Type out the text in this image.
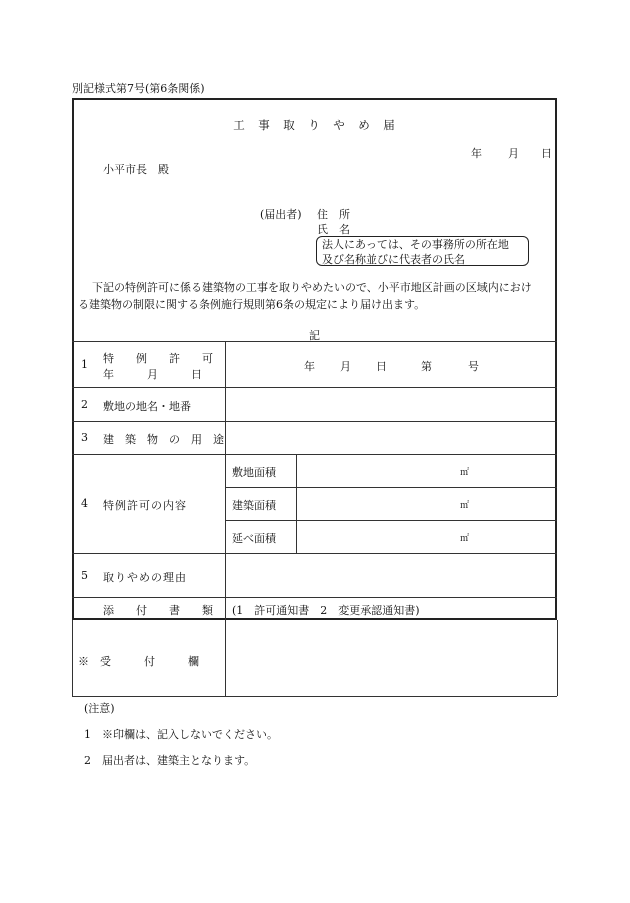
別記様式第7号(第6条関係)
工　事　取　り　や　め　届
年 月 日
小平市長　殿
(届出者) 住　所
氏　名
法人にあっては、その事務所の所在地
及び名称並びに代表者の氏名
下記の特例許可に係る建築物の工事を取りやめたいので、小平市地区計画の区域内におけ
る建築物の制限に関する条例施行規則第6条の規定により届け出ます。
記
1 特　　例　　許　　可
年　　　月　　　日
年 月 日	第	号
2 敷地の地名・地番
3 建　築　物　の　用　途
4 特例許可の内容
敷地面積	㎡
建築面積	㎡
延べ面積	㎡
5 取りやめの理由
添　　付　　書　　類 (1　許可通知書　2　変更承認通知書)
※　受　　　付　　　欄
(注意)
1　※印欄は、記入しないでください。
2　届出者は、建築主となります。
